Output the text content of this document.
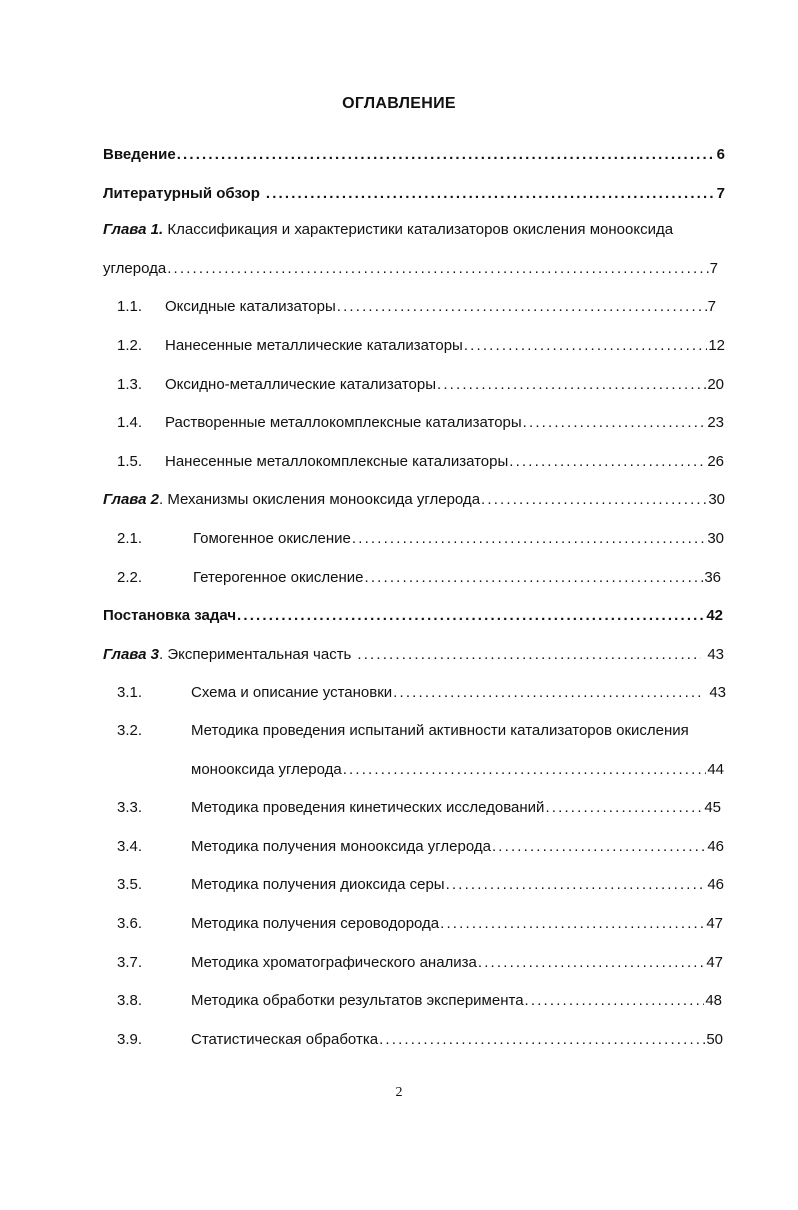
ОГЛАВЛЕНИЕ
Введение . . .	6
Литературный обзор . . .	7
Глава 1. Классификация и характеристики катализаторов окисления монооксида
углерода . . .	7
1.1.	Оксидные катализаторы . . .	7
1.2.	Нанесенные металлические катализаторы . . .	12
1.3.	Оксидно-металлические катализаторы . . .	20
1.4.	Растворенные металлокомплексные катализаторы . . .	23
1.5.	Нанесенные металлокомплексные катализаторы . . .	26
Глава 2. Механизмы окисления монооксида углерода . . .	30
2.1.	Гомогенное окисление . . .	30
2.2.	Гетерогенное окисление . . .	36
Постановка задач . . .	42
Глава 3. Экспериментальная часть . . .	43
3.1.	Схема и описание установки . . .	43
3.2.	Методика проведения испытаний активности катализаторов окисления
монооксида углерода . . .	44
3.3.	Методика проведения кинетических исследований . . .	45
3.4.	Методика получения монооксида углерода . . .	46
3.5.	Методика получения диоксида серы . . .	46
3.6.	Методика получения сероводорода . . .	47
3.7.	Методика хроматографического анализа . . .	47
3.8.	Методика обработки результатов эксперимента . . .	48
3.9.	Статистическая обработка . . .	50
2
